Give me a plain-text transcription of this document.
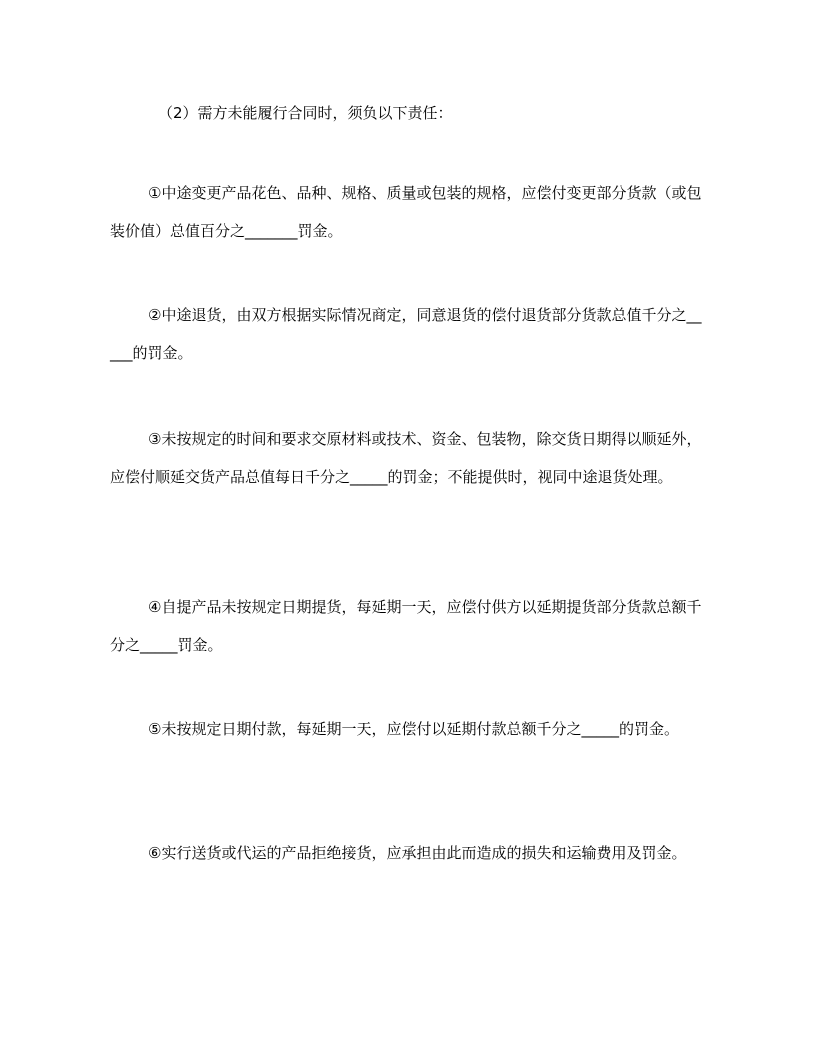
（2）需方未能履行合同时，须负以下责任：

①中途变更产品花色、品种、规格、质量或包装的规格，应偿付变更部分货款（或包装价值）总值百分之_______罚金。

②中途退货，由双方根据实际情况商定，同意退货的偿付退货部分货款总值千分之_____的罚金。

③未按规定的时间和要求交原材料或技术、资金、包装物，除交货日期得以顺延外，应偿付顺延交货产品总值每日千分之_____的罚金；不能提供时，视同中途退货处理。

④自提产品未按规定日期提货，每延期一天，应偿付供方以延期提货部分货款总额千分之_____罚金。

⑤未按规定日期付款，每延期一天，应偿付以延期付款总额千分之_____的罚金。

⑥实行送货或代运的产品拒绝接货，应承担由此而造成的损失和运输费用及罚金。
